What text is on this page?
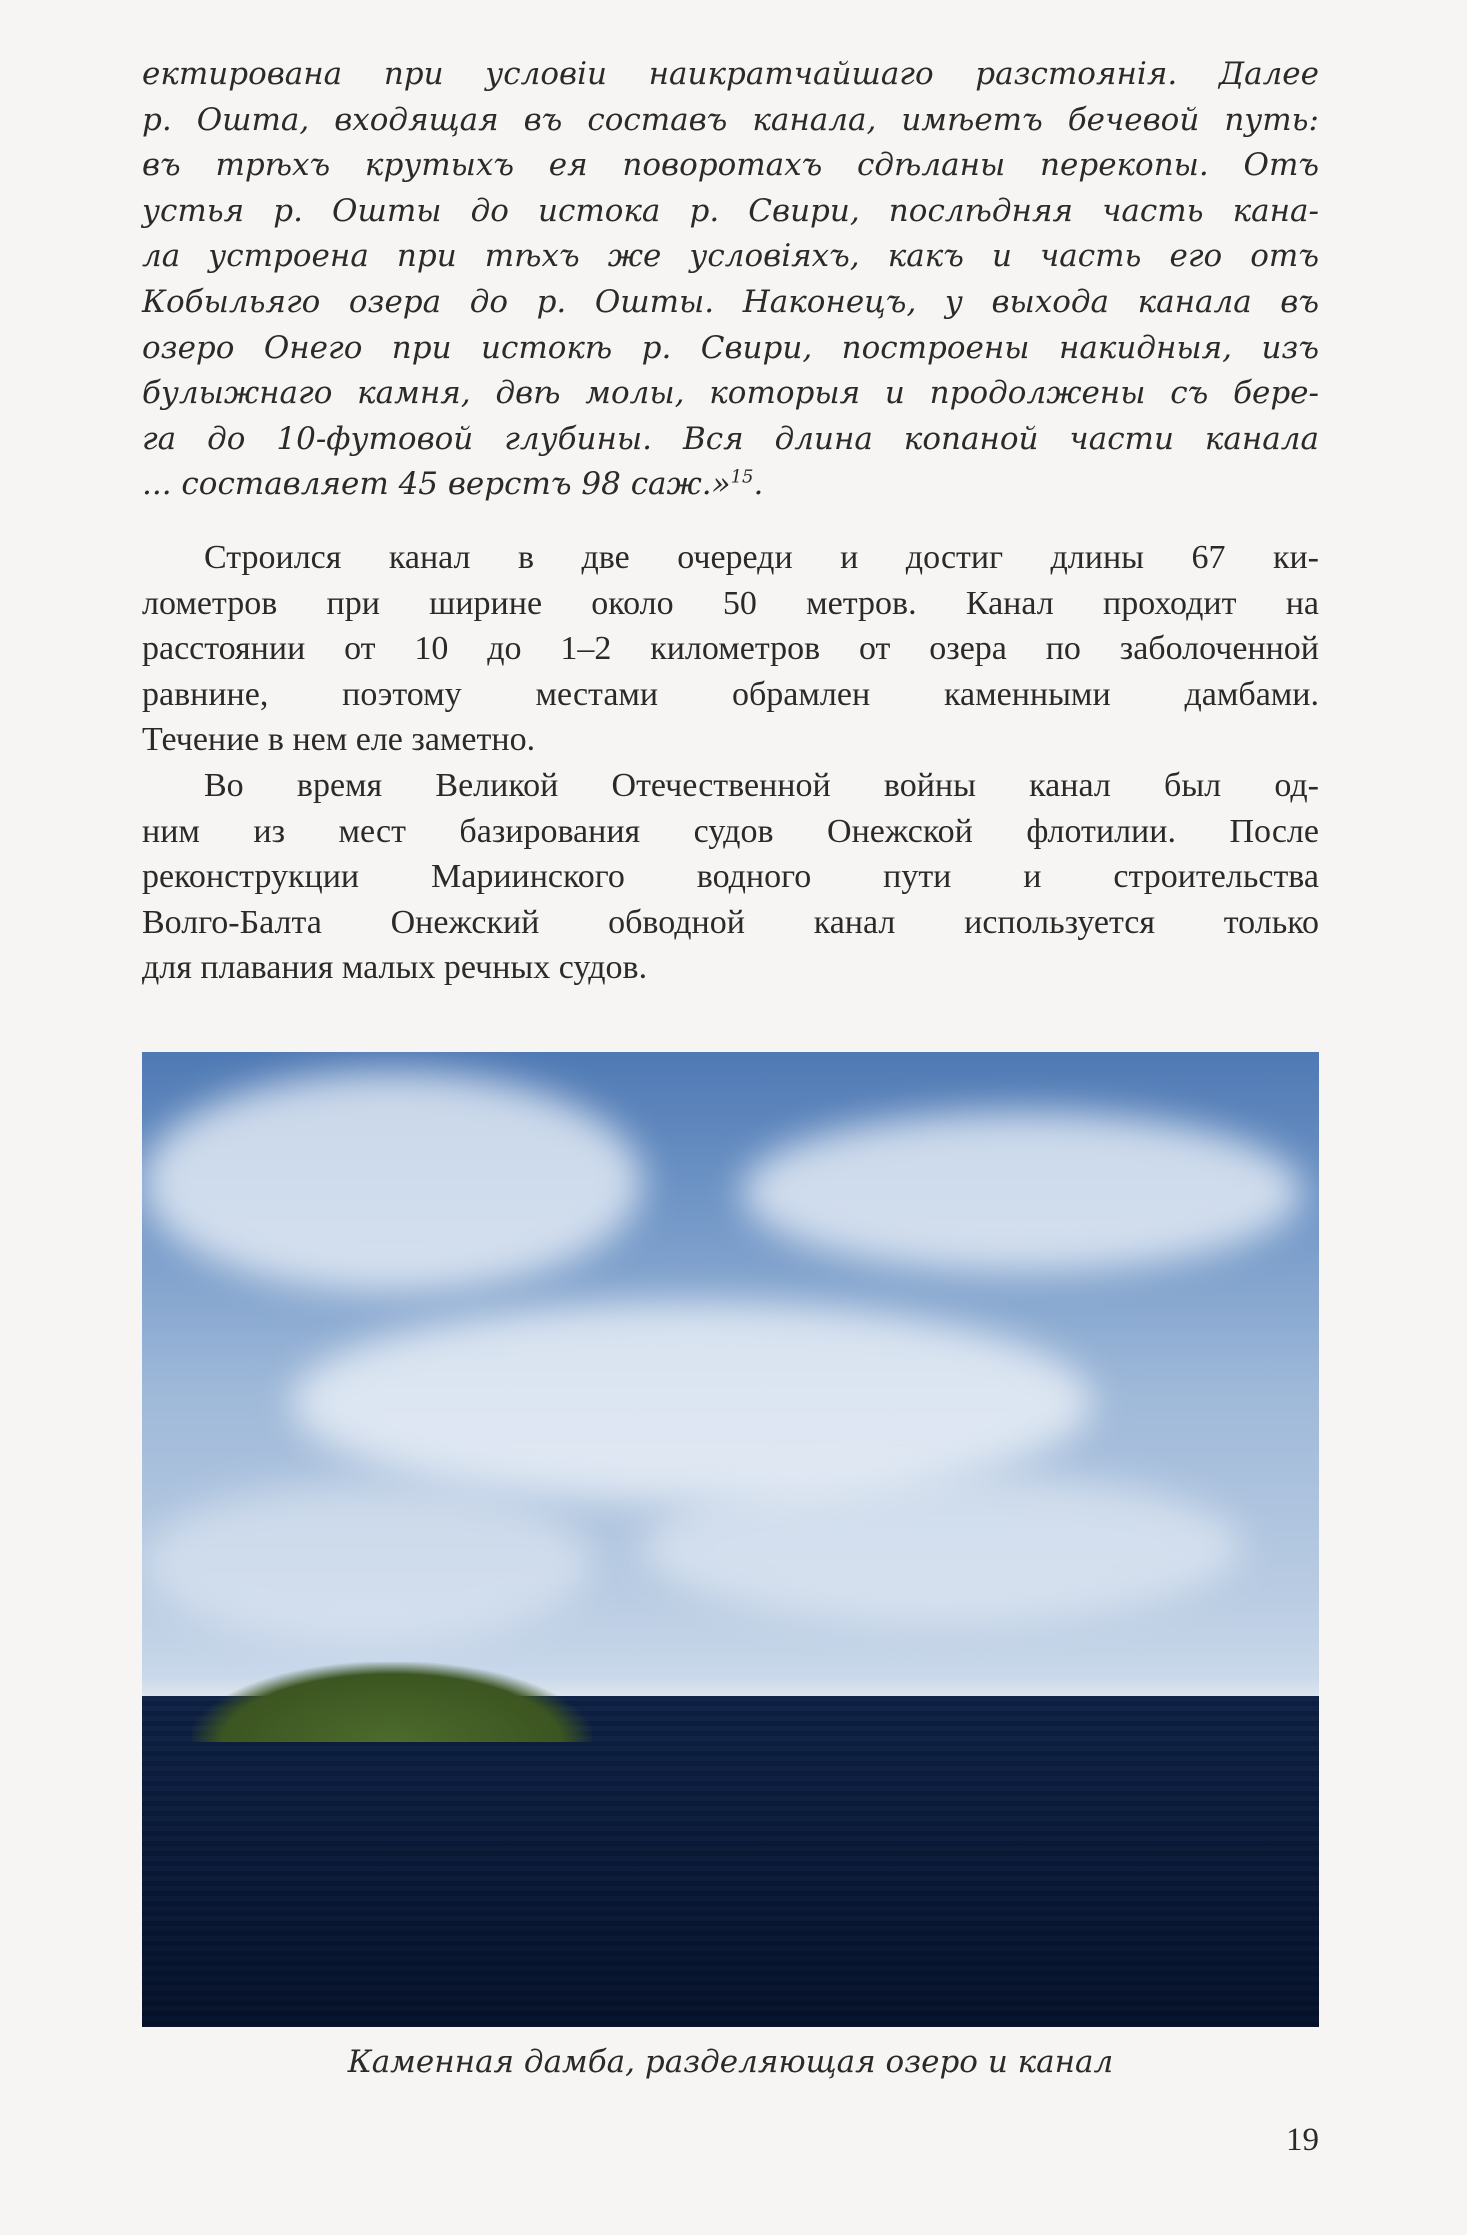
ектирована при условіи наикратчайшаго разстоянія. Далее
р. Ошта, входящая въ составъ канала, имѣетъ бечевой путь:
въ трѣхъ крутыхъ ея поворотахъ сдѣланы перекопы. Отъ
устья р. Ошты до истока р. Свири, послѣдняя часть кана-
ла устроена при тѣхъ же условіяхъ, какъ и часть его отъ
Кобыльяго озера до р. Ошты. Наконецъ, у выхода канала въ
озеро Онего при истокѣ р. Свири, построены накидныя, изъ
булыжнаго камня, двѣ молы, которыя и продолжены съ бере-
га до 10-футовой глубины. Вся длина копаной части канала
... составляет 45 верстъ 98 саж.»$^{15}$.
Строился канал в две очереди и достиг длины 67 ки-
лометров при ширине около 50 метров. Канал проходит на
расстоянии от 10 до 1–2 километров от озера по заболоченной
равнине, поэтому местами обрамлен каменными дамбами.
Течение в нем еле заметно.
Во время Великой Отечественной войны канал был од-
ним из мест базирования судов Онежской флотилии. После
реконструкции Мариинского водного пути и строительства
Волго-Балта Онежский обводной канал используется только
для плавания малых речных судов.
Каменная дамба, разделяющая озеро и канал
19
